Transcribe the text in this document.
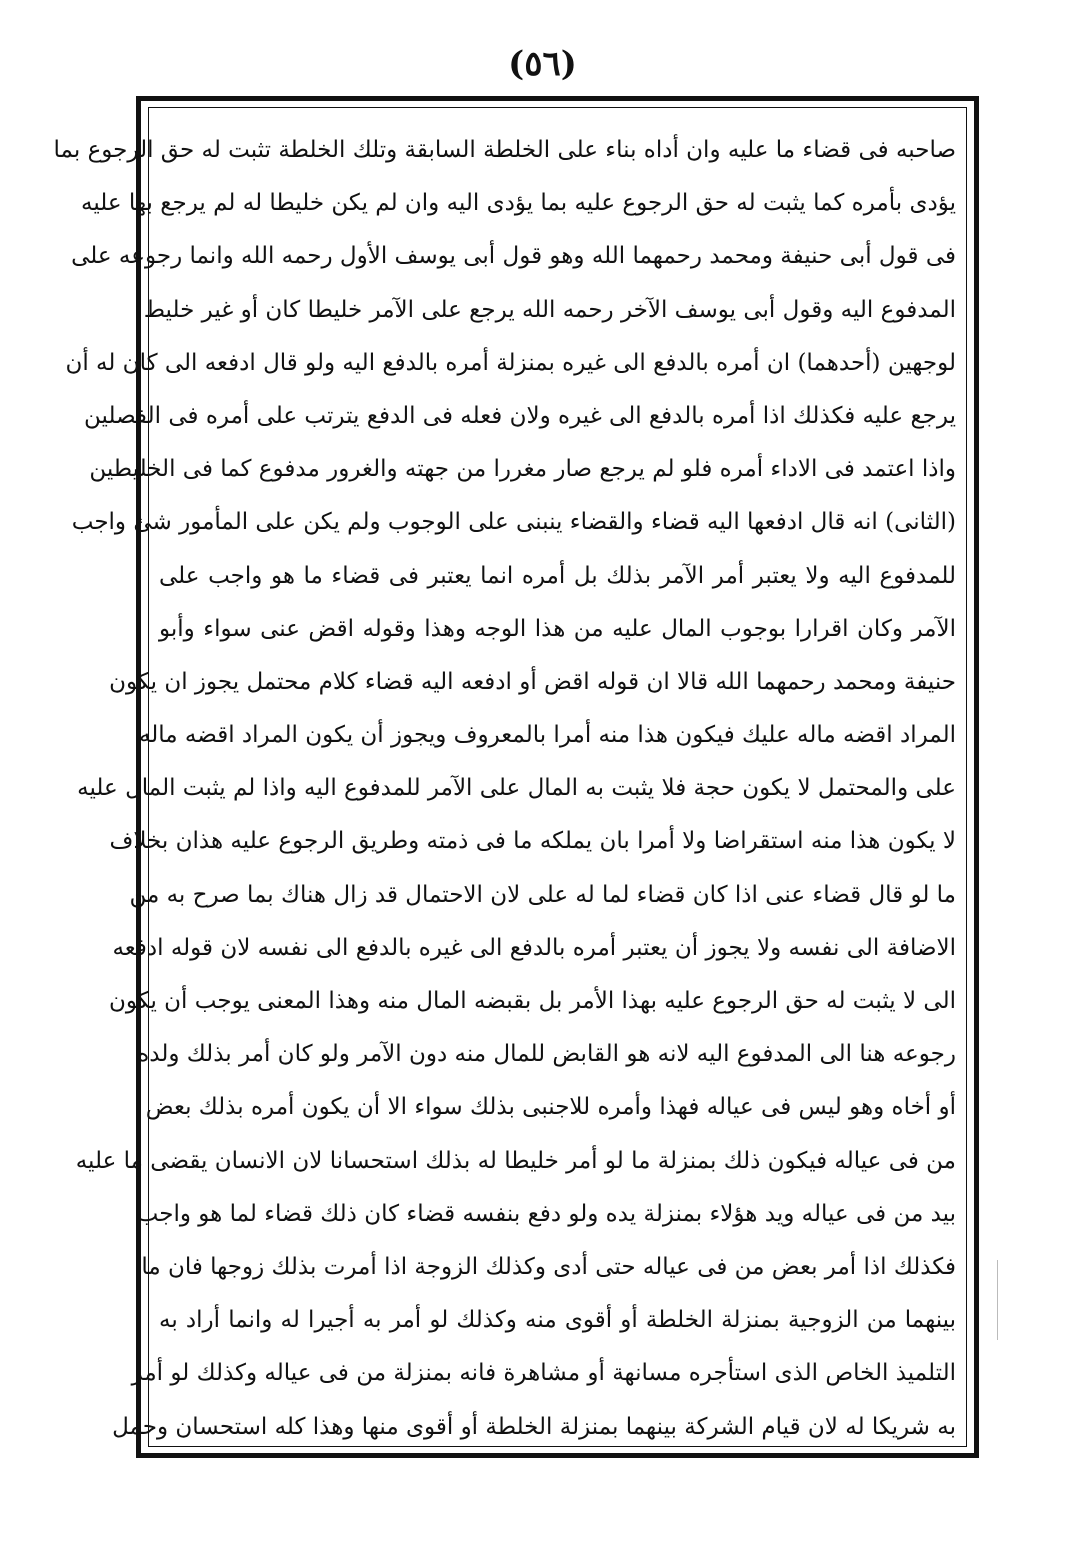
(٥٦)
صاحبه فى قضاء ما عليه وان أداه بناء على الخلطة السابقة وتلك الخلطة تثبت له حق الرجوع بما
يؤدى بأمره كما يثبت له حق الرجوع عليه بما يؤدى اليه وان لم يكن خليطا له لم يرجع بها عليه
فى قول أبى حنيفة ومحمد رحمهما الله وهو قول أبى يوسف الأول رحمه الله وانما رجوعه على
المدفوع اليه وقول أبى يوسف الآخر رحمه الله يرجع على الآمر خليطا كان أو غير خليط
لوجهين (أحدهما) ان أمره بالدفع الى غيره بمنزلة أمره بالدفع اليه ولو قال ادفعه الى كان له أن
يرجع عليه فكذلك اذا أمره بالدفع الى غيره ولان فعله فى الدفع يترتب على أمره فى الفصلين
واذا اعتمد فى الاداء أمره فلو لم يرجع صار مغررا من جهته والغرور مدفوع كما فى الخليطين
(الثانى) انه قال ادفعها اليه قضاء والقضاء ينبنى على الوجوب ولم يكن على المأمور شئ واجب
للمدفوع اليه ولا يعتبر أمر الآمر بذلك بل أمره انما يعتبر فى قضاء ما هو واجب على
الآمر وكان اقرارا بوجوب المال عليه من هذا الوجه وهذا وقوله اقض عنى سواء وأبو
حنيفة ومحمد رحمهما الله قالا ان قوله اقض أو ادفعه اليه قضاء كلام محتمل يجوز ان يكون
المراد اقضه ماله عليك فيكون هذا منه أمرا بالمعروف ويجوز أن يكون المراد اقضه ماله
على والمحتمل لا يكون حجة فلا يثبت به المال على الآمر للمدفوع اليه واذا لم يثبت المال عليه
لا يكون هذا منه استقراضا ولا أمرا بان يملكه ما فى ذمته وطريق الرجوع عليه هذان بخلاف
ما لو قال قضاء عنى اذا كان قضاء لما له على لان الاحتمال قد زال هناك بما صرح به من
الاضافة الى نفسه ولا يجوز أن يعتبر أمره بالدفع الى غيره بالدفع الى نفسه لان قوله ادفعه
الى لا يثبت له حق الرجوع عليه بهذا الأمر بل بقبضه المال منه وهذا المعنى يوجب أن يكون
رجوعه هنا الى المدفوع اليه لانه هو القابض للمال منه دون الآمر ولو كان أمر بذلك ولده
أو أخاه وهو ليس فى عياله فهذا وأمره للاجنبى بذلك سواء الا أن يكون أمره بذلك بعض
من فى عياله فيكون ذلك بمنزلة ما لو أمر خليطا له بذلك استحسانا لان الانسان يقضى ما عليه
بيد من فى عياله ويد هؤلاء بمنزلة يده ولو دفع بنفسه قضاء كان ذلك قضاء لما هو واجب
فكذلك اذا أمر بعض من فى عياله حتى أدى وكذلك الزوجة اذا أمرت بذلك زوجها فان ما
بينهما من الزوجية بمنزلة الخلطة أو أقوى منه وكذلك لو أمر به أجيرا له وانما أراد به
التلميذ الخاص الذى استأجره مسانهة أو مشاهرة فانه بمنزلة من فى عياله وكذلك لو أمر
به شريكا له لان قيام الشركة بينهما بمنزلة الخلطة أو أقوى منها وهذا كله استحسان وحمل
